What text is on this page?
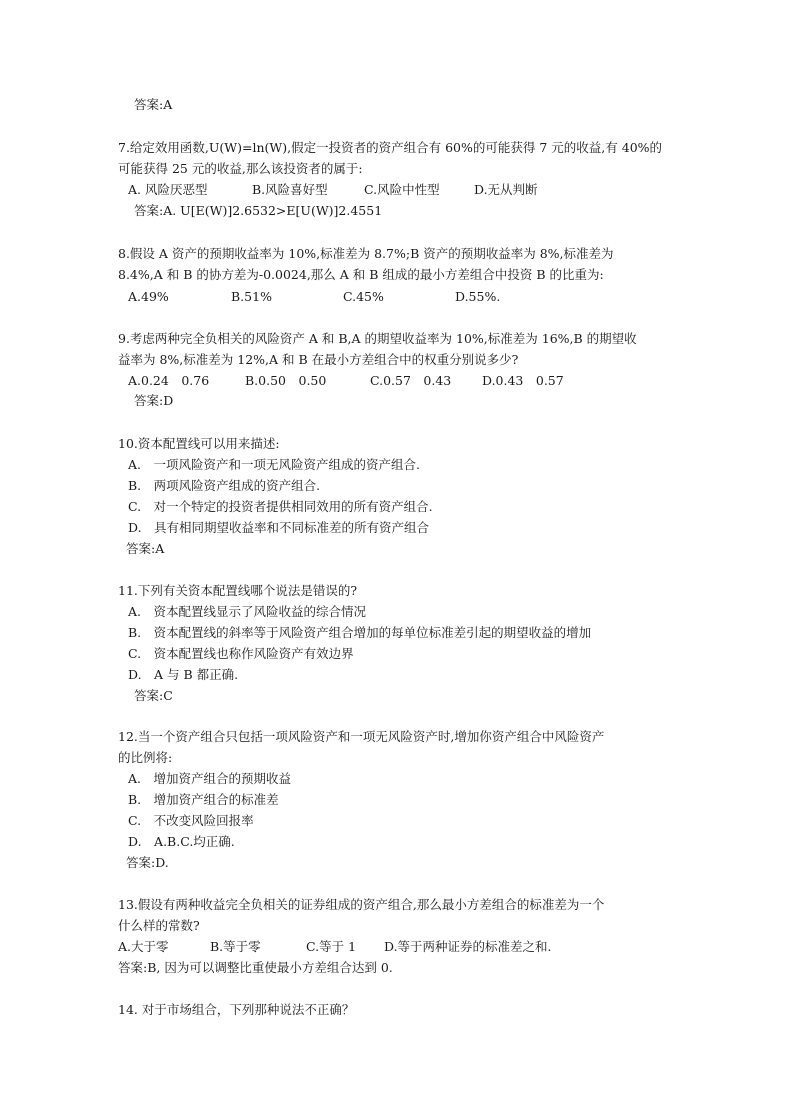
答案:A
7.给定效用函数,U(W)=ln(W),假定一投资者的资产组合有 60%的可能获得 7 元的收益,有 40%的
可能获得 25 元的收益,那么该投资者的属于:
A. 风险厌恶型	B.风险喜好型	C.风险中性型	D.无从判断
答案:A. U[E(W)]2.6532>E[U(W)]2.4551
8.假设 A 资产的预期收益率为 10%,标准差为 8.7%;B 资产的预期收益率为 8%,标准差为
8.4%,A 和 B 的协方差为-0.0024,那么 A 和 B 组成的最小方差组合中投资 B 的比重为:
A.49%	B.51%	C.45%	D.55%.
9.考虑两种完全负相关的风险资产 A 和 B,A 的期望收益率为 10%,标准差为 16%,B 的期望收
益率为 8%,标准差为 12%,A 和 B 在最小方差组合中的权重分别说多少?
A.0.24　0.76	B.0.50　0.50	C.0.57　0.43 D.0.43　0.57
答案:D
10.资本配置线可以用来描述:
A.　一项风险资产和一项无风险资产组成的资产组合.
B.　两项风险资产组成的资产组合.
C.　对一个特定的投资者提供相同效用的所有资产组合.
D.　具有相同期望收益率和不同标准差的所有资产组合
答案:A
11.下列有关资本配置线哪个说法是错误的?
A.　资本配置线显示了风险收益的综合情况
B.　资本配置线的斜率等于风险资产组合增加的每单位标准差引起的期望收益的增加
C.　资本配置线也称作风险资产有效边界
D.　A 与 B 都正确.
答案:C
12.当一个资产组合只包括一项风险资产和一项无风险资产时,增加你资产组合中风险资产
的比例将:
A.　增加资产组合的预期收益
B.　增加资产组合的标准差
C.　不改变风险回报率
D.　A.B.C.均正确.
答案:D.
13.假设有两种收益完全负相关的证券组成的资产组合,那么最小方差组合的标准差为一个
什么样的常数?
A.大于零	B.等于零	C.等于 1 D.等于两种证券的标准差之和.
答案:B, 因为可以调整比重使最小方差组合达到 0.
14. 对于市场组合，下列那种说法不正确？
